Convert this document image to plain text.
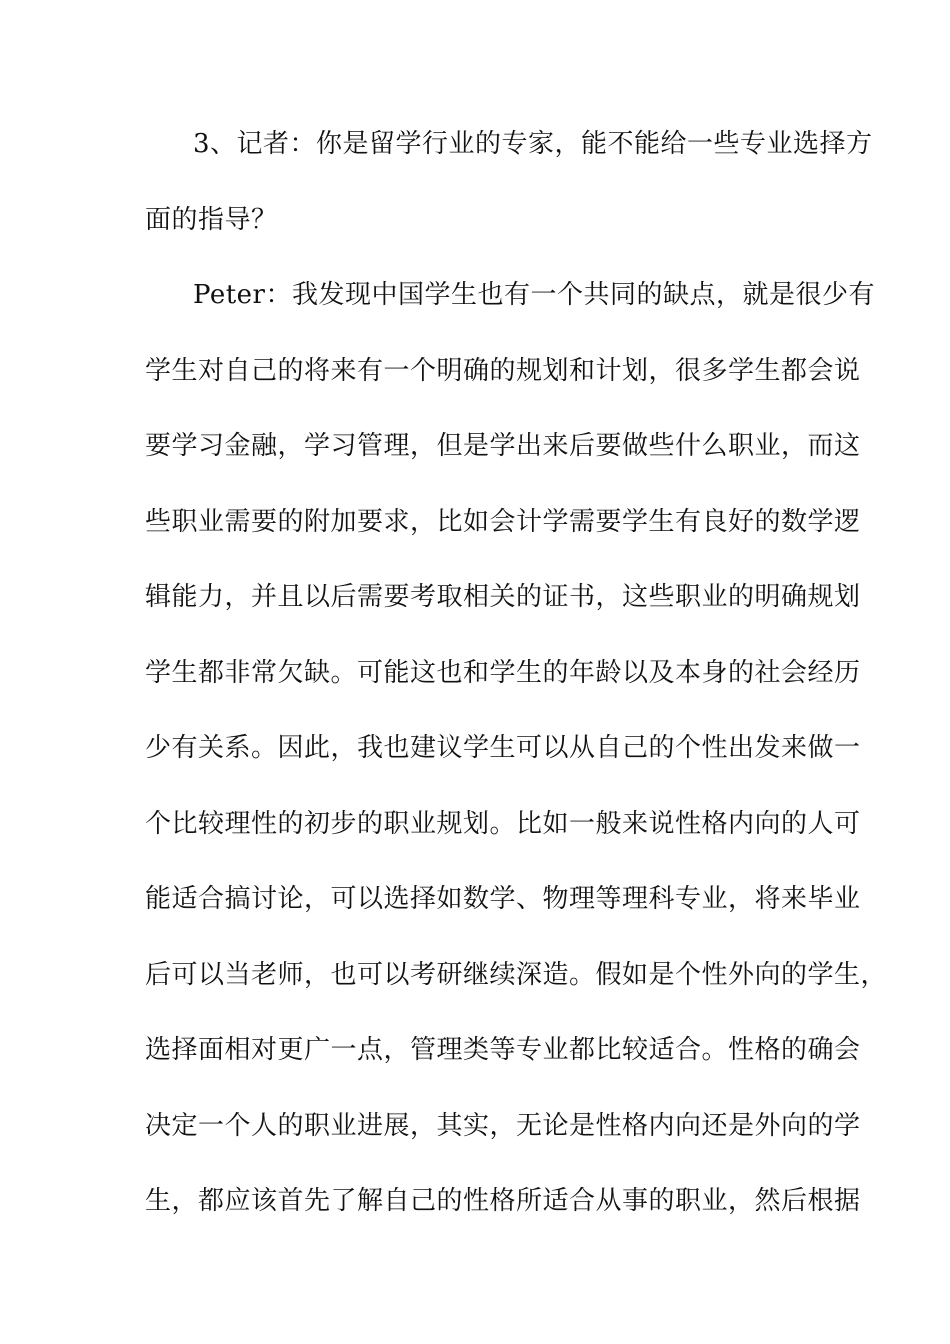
3、记者：你是留学行业的专家，能不能给一些专业选择方
面的指导？
Peter：我发现中国学生也有一个共同的缺点，就是很少有
学生对自己的将来有一个明确的规划和计划，很多学生都会说
要学习金融，学习管理，但是学出来后要做些什么职业，而这
些职业需要的附加要求，比如会计学需要学生有良好的数学逻
辑能力，并且以后需要考取相关的证书，这些职业的明确规划
学生都非常欠缺。可能这也和学生的年龄以及本身的社会经历
少有关系。因此，我也建议学生可以从自己的个性出发来做一
个比较理性的初步的职业规划。比如一般来说性格内向的人可
能适合搞讨论，可以选择如数学、物理等理科专业，将来毕业
后可以当老师，也可以考研继续深造。假如是个性外向的学生，
选择面相对更广一点，管理类等专业都比较适合。性格的确会
决定一个人的职业进展，其实，无论是性格内向还是外向的学
生，都应该首先了解自己的性格所适合从事的职业，然后根据
